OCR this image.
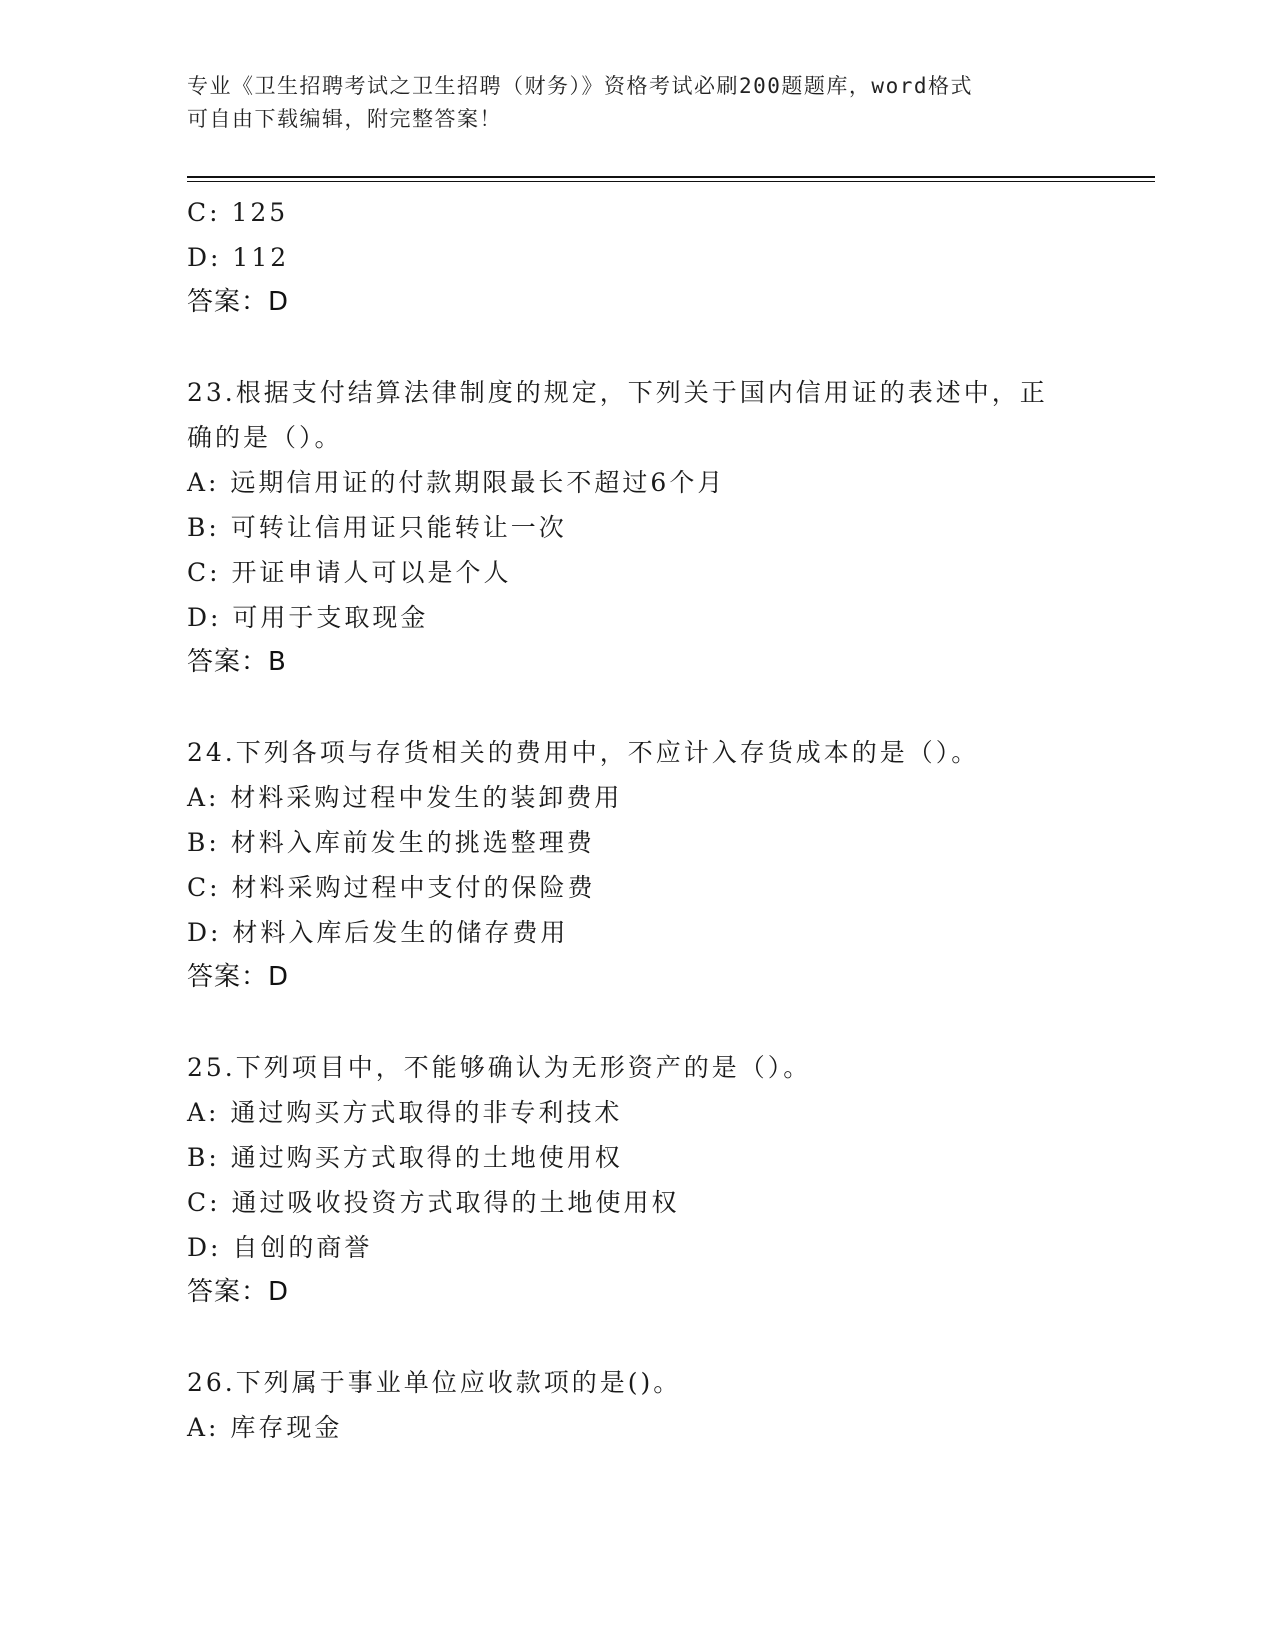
专业《卫生招聘考试之卫生招聘（财务）》资格考试必刷200题题库，word格式
可自由下载编辑，附完整答案！
C: 125
D: 112
答案：D
23.根据支付结算法律制度的规定，下列关于国内信用证的表述中，正
确的是（）。
A: 远期信用证的付款期限最长不超过6个月
B: 可转让信用证只能转让一次
C: 开证申请人可以是个人
D: 可用于支取现金
答案：B
24.下列各项与存货相关的费用中，不应计入存货成本的是（）。
A: 材料采购过程中发生的装卸费用
B: 材料入库前发生的挑选整理费
C: 材料采购过程中支付的保险费
D: 材料入库后发生的储存费用
答案：D
25.下列项目中，不能够确认为无形资产的是（）。
A: 通过购买方式取得的非专利技术
B: 通过购买方式取得的土地使用权
C: 通过吸收投资方式取得的土地使用权
D: 自创的商誉
答案：D
26.下列属于事业单位应收款项的是()。
A: 库存现金
